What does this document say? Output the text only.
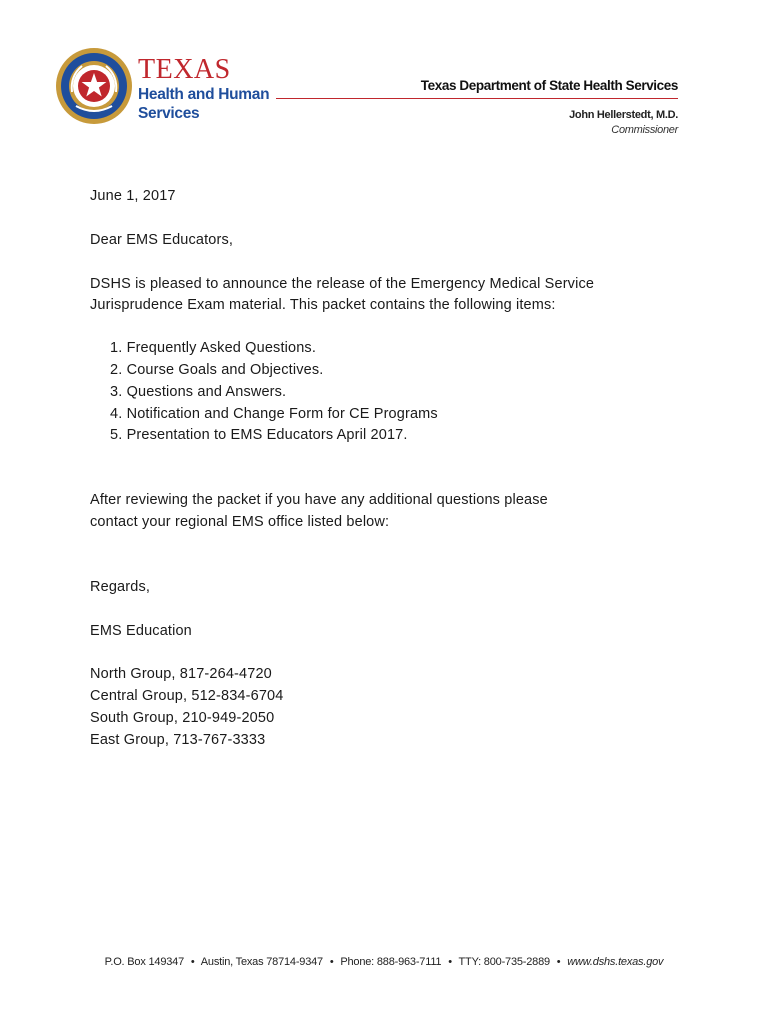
TEXAS
Health and Human
Services
Texas Department of State Health Services
John Hellerstedt, M.D.
Commissioner

June 1, 2017

Dear EMS Educators,

DSHS is pleased to announce the release of the Emergency Medical Service

Jurisprudence Exam material. This packet contains the following items:

1. Frequently Asked Questions.
2. Course Goals and Objectives.
3. Questions and Answers.
4. Notification and Change Form for CE Programs
5. Presentation to EMS Educators April 2017.

After reviewing the packet if you have any additional questions please

contact your regional EMS office listed below:

Regards,

EMS Education

North Group, 817-264-4720

Central Group, 512-834-6704

South Group, 210-949-2050

East Group, 713-767-3333

P.O. Box 149347 • Austin, Texas 78714-9347 • Phone: 888-963-7111 • TTY: 800-735-2889 • www.dshs.texas.gov
